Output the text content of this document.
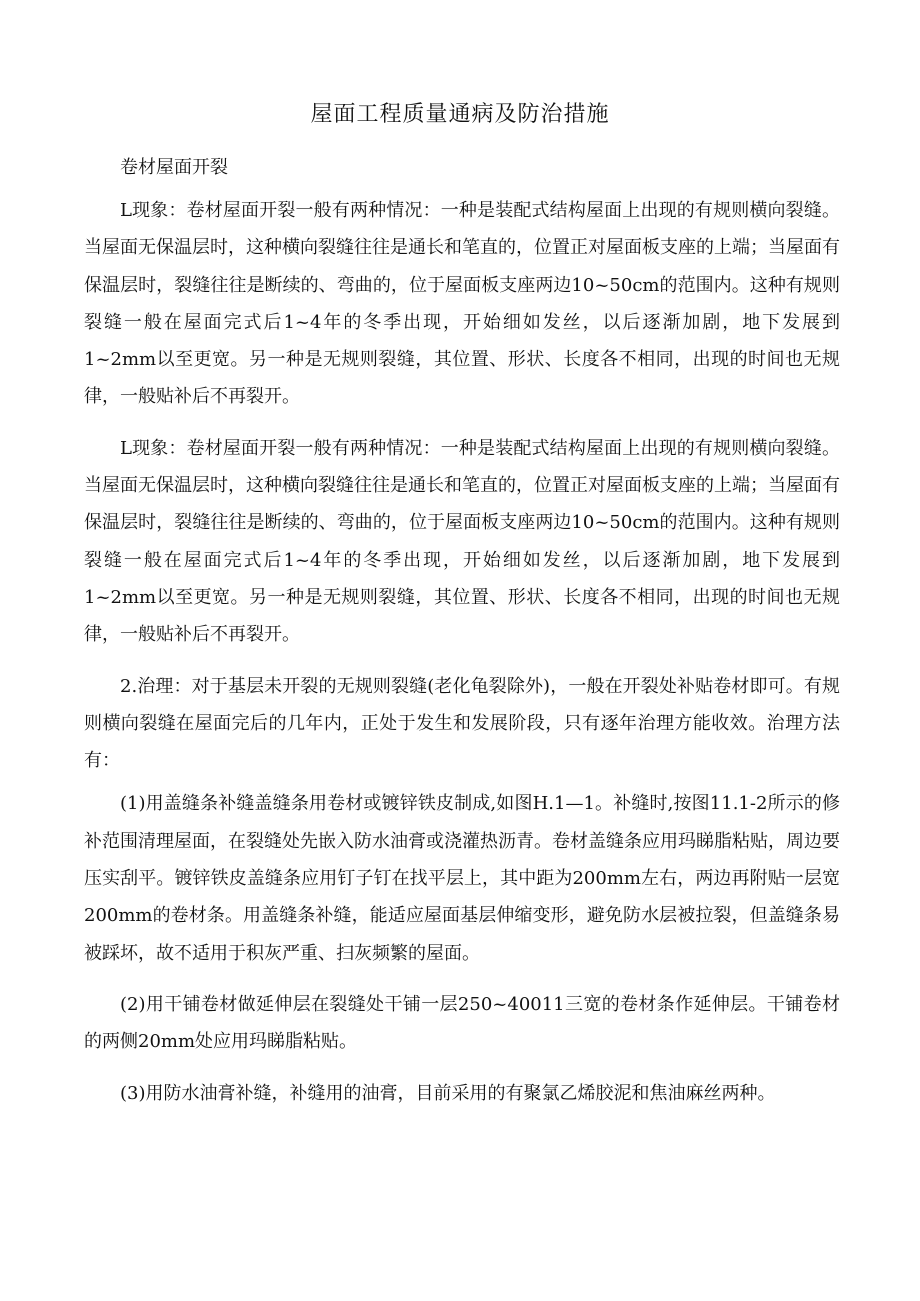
屋面工程质量通病及防治措施

卷材屋面开裂

L现象：卷材屋面开裂一般有两种情况：一种是装配式结构屋面上出现的有规则横向裂缝。当屋面无保温层时，这种横向裂缝往往是通长和笔直的，位置正对屋面板支座的上端；当屋面有保温层时，裂缝往往是断续的、弯曲的，位于屋面板支座两边10~50cm的范围内。这种有规则裂缝一般在屋面完式后1~4年的冬季出现，开始细如发丝，以后逐渐加剧，地下发展到1~2mm以至更宽。另一种是无规则裂缝，其位置、形状、长度各不相同，出现的时间也无规律，一般贴补后不再裂开。

L现象：卷材屋面开裂一般有两种情况：一种是装配式结构屋面上出现的有规则横向裂缝。当屋面无保温层时，这种横向裂缝往往是通长和笔直的，位置正对屋面板支座的上端；当屋面有保温层时，裂缝往往是断续的、弯曲的，位于屋面板支座两边10~50cm的范围内。这种有规则裂缝一般在屋面完式后1~4年的冬季出现，开始细如发丝，以后逐渐加剧，地下发展到1~2mm以至更宽。另一种是无规则裂缝，其位置、形状、长度各不相同，出现的时间也无规律，一般贴补后不再裂开。

2.治理：对于基层未开裂的无规则裂缝(老化龟裂除外)，一般在开裂处补贴卷材即可。有规则横向裂缝在屋面完后的几年内，正处于发生和发展阶段，只有逐年治理方能收效。治理方法有：

(1)用盖缝条补缝盖缝条用卷材或镀锌铁皮制成,如图H.1—1。补缝时,按图11.1-2所示的修补范围清理屋面，在裂缝处先嵌入防水油膏或浇灌热沥青。卷材盖缝条应用玛睇脂粘贴，周边要压实刮平。镀锌铁皮盖缝条应用钉子钉在找平层上，其中距为200mm左右，两边再附贴一层宽200mm的卷材条。用盖缝条补缝，能适应屋面基层伸缩变形，避免防水层被拉裂，但盖缝条易被踩坏，故不适用于积灰严重、扫灰频繁的屋面。

(2)用干铺卷材做延伸层在裂缝处干铺一层250~40011三宽的卷材条作延伸层。干铺卷材的两侧20mm处应用玛睇脂粘贴。

(3)用防水油膏补缝，补缝用的油膏，目前采用的有聚氯乙烯胶泥和焦油麻丝两种。
